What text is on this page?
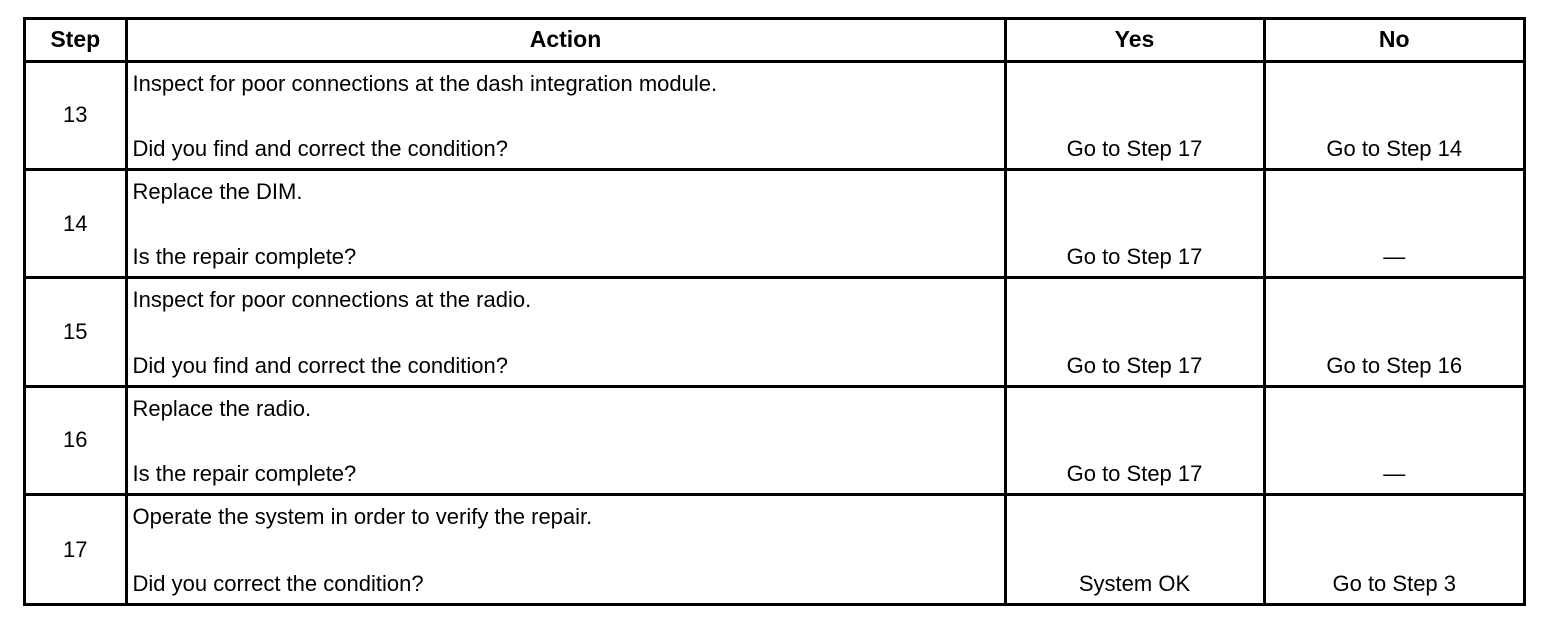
Step	Action	Yes	No
13	Inspect for poor connections at the dash integration module.
Did you find and correct the condition?	Go to Step 17	Go to Step 14

14	Replace the DIM.
Is the repair complete?	Go to Step 17	—

15	Inspect for poor connections at the radio.
Did you find and correct the condition?	Go to Step 17	Go to Step 16

16	Replace the radio.
Is the repair complete?	Go to Step 17	—

17	Operate the system in order to verify the repair.
Did you correct the condition?	System OK	Go to Step 3
